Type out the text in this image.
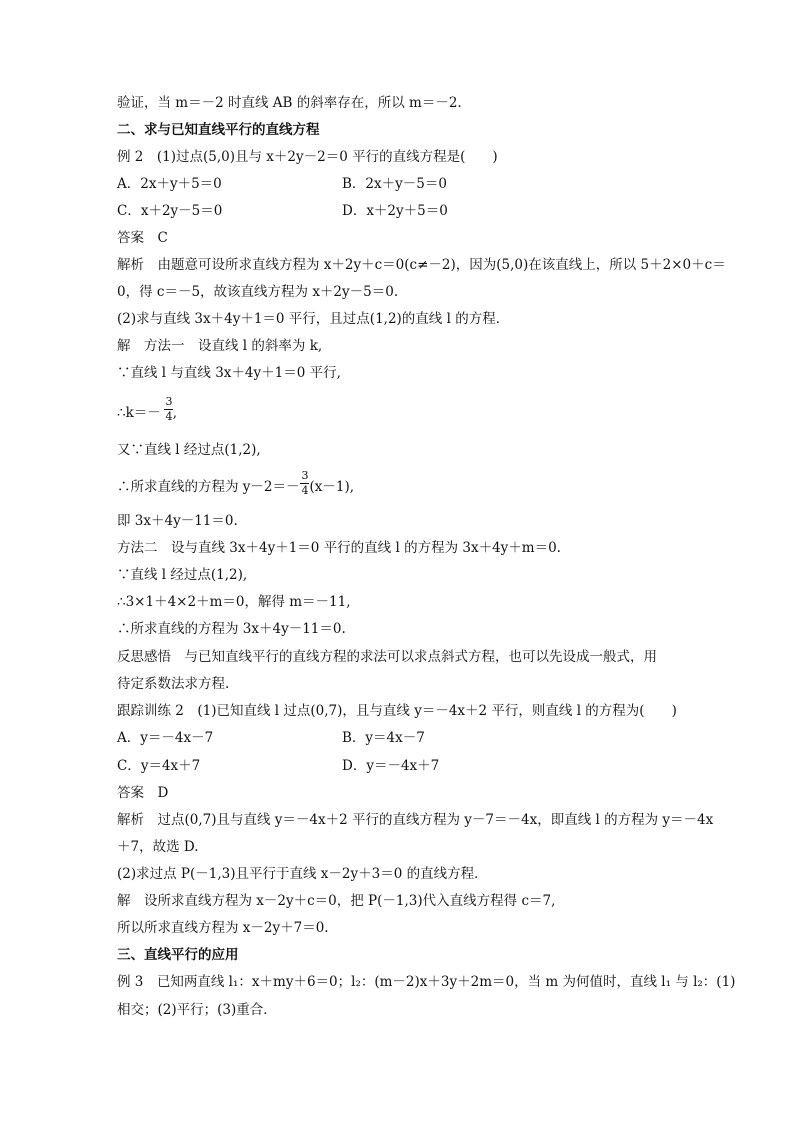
验证，当 m＝－2 时直线 AB 的斜率存在，所以 m＝－2.
二、求与已知直线平行的直线方程
例 2　(1)过点(5,0)且与 x＋2y－2＝0 平行的直线方程是(　　)
A．2x＋y＋5＝0	B．2x＋y－5＝0
C．x＋2y－5＝0	D．x＋2y＋5＝0
答案　C
解析　由题意可设所求直线方程为 x＋2y＋c＝0(c≠－2)，因为(5,0)在该直线上，所以 5＋2×0＋c＝
0，得 c＝－5，故该直线方程为 x＋2y－5＝0.
(2)求与直线 3x＋4y＋1＝0 平行，且过点(1,2)的直线 l 的方程．
解　方法一　设直线 l 的斜率为 k,
∵直线 l 与直线 3x＋4y＋1＝0 平行,
∴k＝－ ,
3
4
又∵直线 l 经过点(1,2),
∴所求直线的方程为 y－2＝－ (x－1),
3
4
即 3x＋4y－11＝0.
方法二　设与直线 3x＋4y＋1＝0 平行的直线 l 的方程为 3x＋4y＋m＝0.
∵直线 l 经过点(1,2),
∴3×1＋4×2＋m＝0，解得 m＝－11,
∴所求直线的方程为 3x＋4y－11＝0.
反思感悟　与已知直线平行的直线方程的求法可以求点斜式方程，也可以先设成一般式，用
待定系数法求方程.
跟踪训练 2　(1)已知直线 l 过点(0,7)，且与直线 y＝－4x＋2 平行，则直线 l 的方程为(　　)
A．y＝－4x－7	B．y＝4x－7
C．y＝4x＋7	D．y＝－4x＋7
答案　D
解析　过点(0,7)且与直线 y＝－4x＋2 平行的直线方程为 y－7＝－4x，即直线 l 的方程为 y＝－4x
＋7，故选 D.
(2)求过点 P(－1,3)且平行于直线 x－2y＋3＝0 的直线方程．
解　设所求直线方程为 x－2y＋c＝0，把 P(－1,3)代入直线方程得 c＝7,
所以所求直线方程为 x－2y＋7＝0.
三、直线平行的应用
例 3　已知两直线 l₁：x＋my＋6＝0；l₂：(m－2)x＋3y＋2m＝0，当 m 为何值时，直线 l₁ 与 l₂：(1)
相交；(2)平行；(3)重合．
